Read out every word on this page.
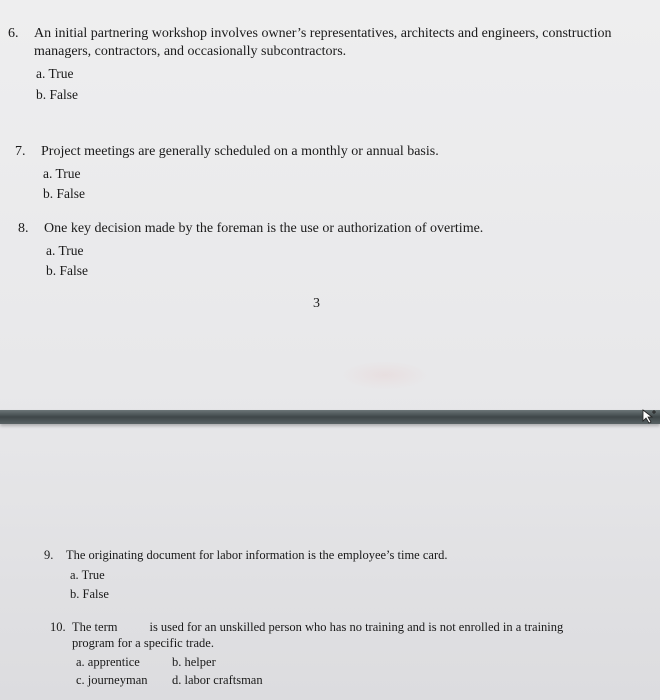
6.	An initial partnering workshop involves owner’s representatives, architects and engineers, construction
managers, contractors, and occasionally subcontractors.
a. True
b. False
7.	Project meetings are generally scheduled on a monthly or annual basis.
a. True
b. False
8.	One key decision made by the foreman is the use or authorization of overtime.
a. True
b. False
3
9.	The originating document for labor information is the employee’s time card.
a. True
b. False
10. The term	is used for an unskilled person who has no training and is not enrolled in a training
program for a specific trade.
a. apprentice	b. helper
c. journeyman	d. labor craftsman
